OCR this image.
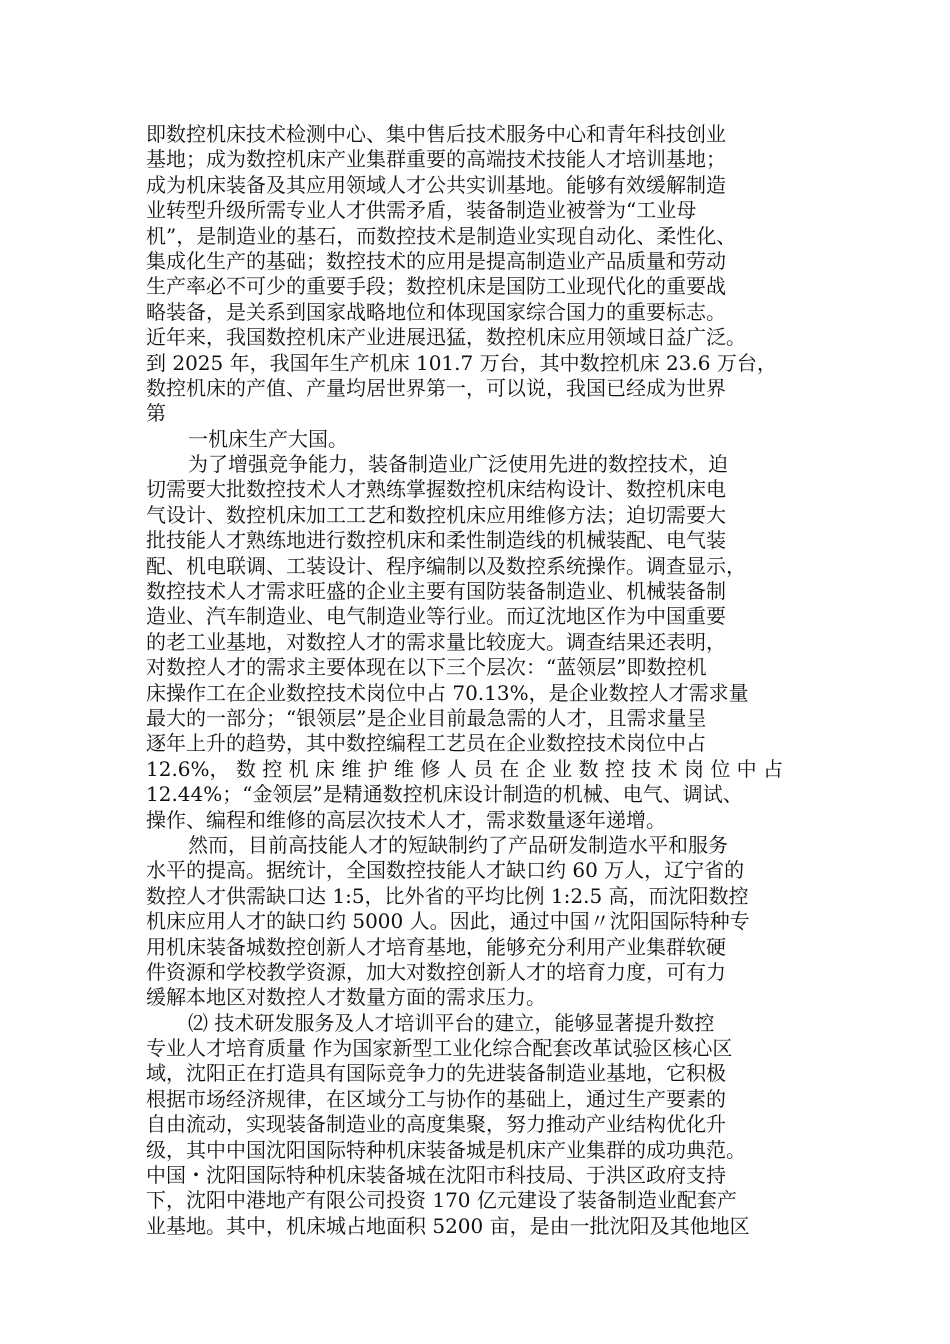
即数控机床技术检测中心、集中售后技术服务中心和青年科技创业
基地；成为数控机床产业集群重要的高端技术技能人才培训基地；
成为机床装备及其应用领域人才公共实训基地。能够有效缓解制造
业转型升级所需专业人才供需矛盾，装备制造业被誉为“工业母
机”，是制造业的基石，而数控技术是制造业实现自动化、柔性化、
集成化生产的基础；数控技术的应用是提高制造业产品质量和劳动
生产率必不可少的重要手段；数控机床是国防工业现代化的重要战
略装备，是关系到国家战略地位和体现国家综合国力的重要标志。
近年来，我国数控机床产业进展迅猛，数控机床应用领域日益广泛。
到 2025 年，我国年生产机床 101.7 万台，其中数控机床 23.6 万台，
数控机床的产值、产量均居世界第一，可以说，我国已经成为世界
第
一机床生产大国。
为了增强竞争能力，装备制造业广泛使用先进的数控技术，迫
切需要大批数控技术人才熟练掌握数控机床结构设计、数控机床电
气设计、数控机床加工工艺和数控机床应用维修方法；迫切需要大
批技能人才熟练地进行数控机床和柔性制造线的机械装配、电气装
配、机电联调、工装设计、程序编制以及数控系统操作。调查显示，
数控技术人才需求旺盛的企业主要有国防装备制造业、机械装备制
造业、汽车制造业、电气制造业等行业。而辽沈地区作为中国重要
的老工业基地，对数控人才的需求量比较庞大。调查结果还表明，
对数控人才的需求主要体现在以下三个层次：“蓝领层”即数控机
床操作工在企业数控技术岗位中占 70.13%，是企业数控人才需求量
最大的一部分；“银领层”是企业目前最急需的人才，且需求量呈
逐年上升的趋势，其中数控编程工艺员在企业数控技术岗位中占
12.6%， 数 控 机 床 维 护 维 修 人 员 在 企 业 数 控 技 术 岗 位 中 占
12.44%；“金领层”是精通数控机床设计制造的机械、电气、调试、
操作、编程和维修的高层次技术人才，需求数量逐年递增。
然而，目前高技能人才的短缺制约了产品研发制造水平和服务
水平的提高。据统计，全国数控技能人才缺口约 60 万人，辽宁省的
数控人才供需缺口达 1:5，比外省的平均比例 1:2.5 高，而沈阳数控
机床应用人才的缺口约 5000 人。因此，通过中国〃沈阳国际特种专
用机床装备城数控创新人才培育基地，能够充分利用产业集群软硬
件资源和学校教学资源，加大对数控创新人才的培育力度，可有力
缓解本地区对数控人才数量方面的需求压力。
⑵ 技术研发服务及人才培训平台的建立，能够显著提升数控
专业人才培育质量 作为国家新型工业化综合配套改革试验区核心区
域，沈阳正在打造具有国际竞争力的先进装备制造业基地，它积极
根据市场经济规律，在区域分工与协作的基础上，通过生产要素的
自由流动，实现装备制造业的高度集聚，努力推动产业结构优化升
级，其中中国沈阳国际特种机床装备城是机床产业集群的成功典范。
中国・沈阳国际特种机床装备城在沈阳市科技局、于洪区政府支持
下，沈阳中港地产有限公司投资 170 亿元建设了装备制造业配套产
业基地。其中，机床城占地面积 5200 亩，是由一批沈阳及其他地区
